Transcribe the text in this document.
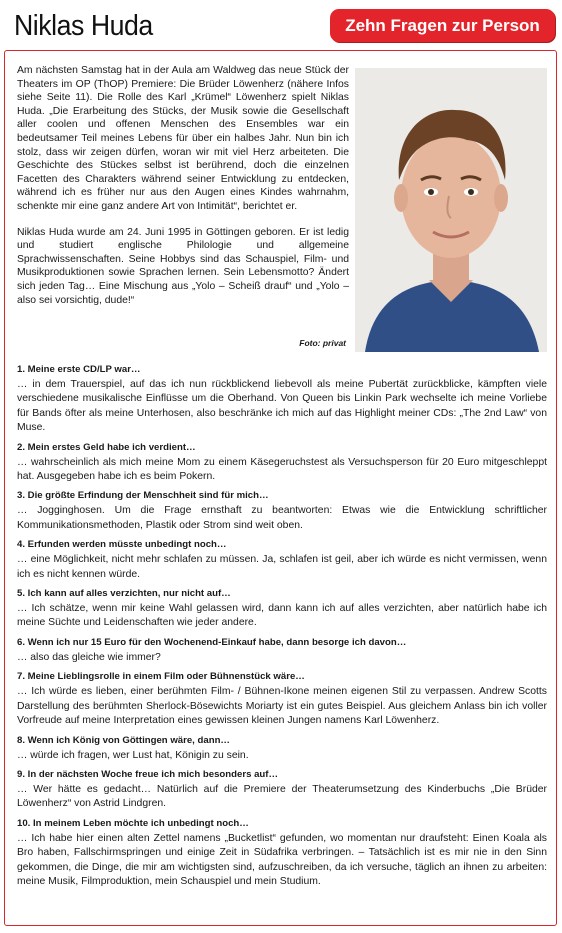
Niklas Huda	Zehn Fragen zur Person

Am nächsten Samstag hat in der Aula am Waldweg das neue Stück der Theaters im OP (ThOP) Premiere: Die Brüder Löwenherz (nähere Infos siehe Seite 11). Die Rolle des Karl „Krümel“ Löwenherz spielt Niklas Huda. „Die Erarbeitung des Stücks, der Musik sowie die Gesellschaft aller coolen und offenen Menschen des Ensembles war ein bedeutsamer Teil meines Lebens für über ein halbes Jahr. Nun bin ich stolz, dass wir zeigen dürfen, woran wir mit viel Herz arbeiteten. Die Geschichte des Stückes selbst ist berührend, doch die einzelnen Facetten des Charakters während seiner Entwicklung zu entdecken, während ich es früher nur aus den Augen eines Kindes wahrnahm, schenkte mir eine ganz andere Art von Intimität“, berichtet er.

Niklas Huda wurde am 24. Juni 1995 in Göttingen geboren. Er ist ledig und studiert englische Philologie und allgemeine Sprachwissenschaften. Seine Hobbys sind das Schauspiel, Film- und Musikproduktionen sowie Sprachen lernen. Sein Lebensmotto? Ändert sich jeden Tag… Eine Mischung aus „Yolo – Scheiß drauf“ und „Yolo – also sei vorsichtig, dude!“

Foto: privat
1. Meine erste CD/LP war…

… in dem Trauerspiel, auf das ich nun rückblickend liebevoll als meine Pubertät zurückblicke, kämpften viele verschiedene musikalische Einflüsse um die Oberhand. Von Queen bis Linkin Park wechselte ich meine Vorliebe für Bands öfter als meine Unterhosen, also beschränke ich mich auf das Highlight meiner CDs: „The 2nd Law“ von Muse.

2. Mein erstes Geld habe ich verdient…

… wahrscheinlich als mich meine Mom zu einem Käsegeruchstest als Versuchsperson für 20 Euro mitgeschleppt hat. Ausgegeben habe ich es beim Pokern.

3. Die größte Erfindung der Menschheit sind für mich…

… Jogginghosen. Um die Frage ernsthaft zu beantworten: Etwas wie die Entwicklung schriftlicher Kommunikationsmethoden, Plastik oder Strom sind weit oben.

4. Erfunden werden müsste unbedingt noch…

… eine Möglichkeit, nicht mehr schlafen zu müssen. Ja, schlafen ist geil, aber ich würde es nicht vermissen, wenn ich es nicht kennen würde.

5. Ich kann auf alles verzichten, nur nicht auf…

… Ich schätze, wenn mir keine Wahl gelassen wird, dann kann ich auf alles verzichten, aber natürlich habe ich meine Süchte und Leidenschaften wie jeder andere.

6. Wenn ich nur 15 Euro für den Wochenend-Einkauf habe, dann besorge ich davon…

… also das gleiche wie immer?

7. Meine Lieblingsrolle in einem Film oder Bühnenstück wäre…

… Ich würde es lieben, einer berühmten Film- / Bühnen-Ikone meinen eigenen Stil zu verpassen. Andrew Scotts Darstellung des berühmten Sherlock-Bösewichts Moriarty ist ein gutes Beispiel. Aus gleichem Anlass bin ich voller Vorfreude auf meine Interpretation eines gewissen kleinen Jungen namens Karl Löwenherz.

8. Wenn ich König von Göttingen wäre, dann…

… würde ich fragen, wer Lust hat, Königin zu sein.

9. In der nächsten Woche freue ich mich besonders auf…

… Wer hätte es gedacht… Natürlich auf die Premiere der Theaterumsetzung des Kinderbuchs „Die Brüder Löwenherz“ von Astrid Lindgren.

10. In meinem Leben möchte ich unbedingt noch…

… Ich habe hier einen alten Zettel namens „Bucketlist“ gefunden, wo momentan nur draufsteht: Einen Koala als Bro haben, Fallschirmspringen und einige Zeit in Südafrika verbringen. – Tatsächlich ist es mir nie in den Sinn gekommen, die Dinge, die mir am wichtigsten sind, aufzuschreiben, da ich versuche, täglich an ihnen zu arbeiten: meine Musik, Filmproduktion, mein Schauspiel und mein Studium.
